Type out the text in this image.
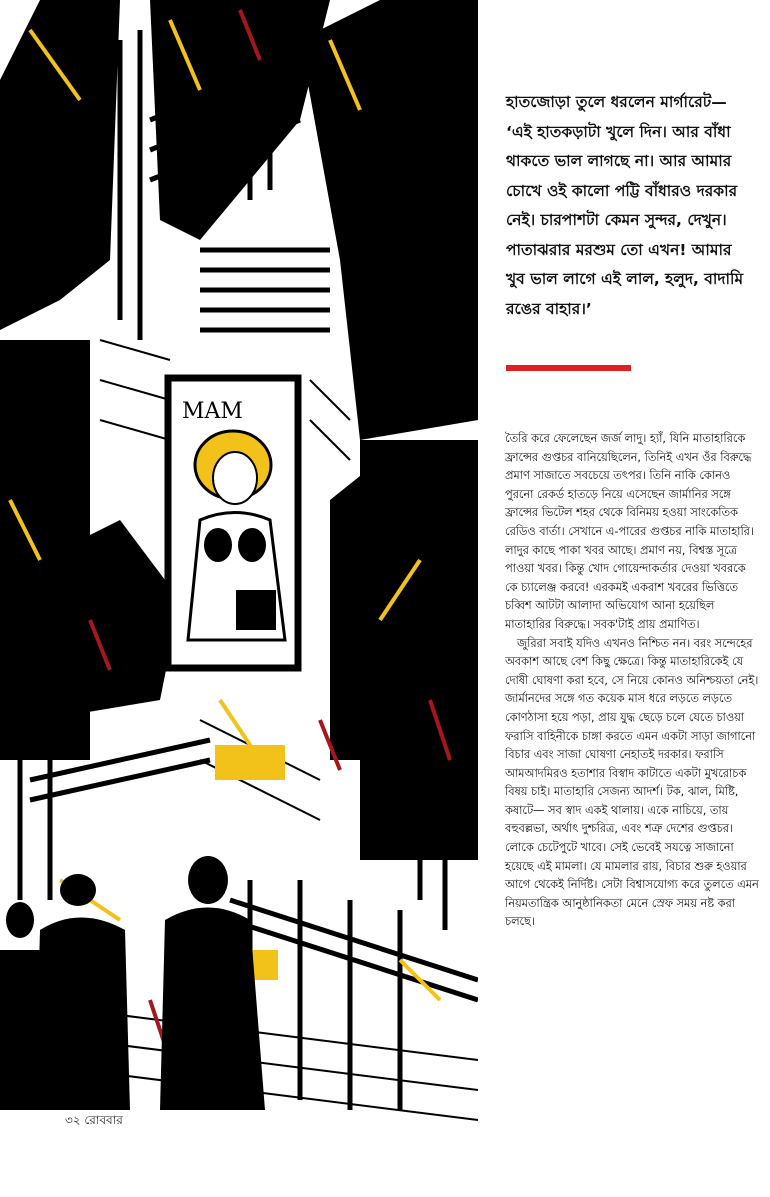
MAM
৩২ রোববার

হাতজোড়া তুলে ধরলেন মার্গারেট— ‘এই হাতকড়াটা খুলে দিন। আর বাঁধা থাকতে ভাল লাগছে না। আর আমার চোখে ওই কালো পট্টি বাঁধারও দরকার নেই। চারপাশটা কেমন সুন্দর, দেখুন। পাতাঝরার মরশুম তো এখন! আমার খুব ভাল লাগে এই লাল, হলুদ, বাদামি রঙের বাহার।’

তৈরি করে ফেলেছেন জর্জ লাদু। হ্যাঁ, যিনি মাতাহারিকে ফ্রান্সের গুপ্তচর বানিয়েছিলেন, তিনিই এখন ওঁর বিরুদ্ধে প্রমাণ সাজাতে সবচেয়ে তৎপর। তিনি নাকি কোনও পুরনো রেকর্ড হাতড়ে নিয়ে এসেছেন জার্মানির সঙ্গে ফ্রান্সের ভিটেল শহর থেকে বিনিময় হওয়া সাংকেতিক রেডিও বার্তা। সেখানে এ-পারের গুপ্তচর নাকি মাতাহারি। লাদুর কাছে পাকা খবর আছে। প্রমাণ নয়, বিশ্বস্ত সূত্রে পাওয়া খবর। কিন্তু খোদ গোয়েন্দাকর্তার দেওয়া খবরকে কে চ্যালেঞ্জ করবে! এরকমই একরাশ খবরের ভিত্তিতে চব্বিশ আটটা আলাদা অভিযোগ আনা হয়েছিল মাতাহারির বিরুদ্ধে। সবক'টাই প্রায় প্রমাণিত।

জুরিরা সবাই যদিও এখনও নিশ্চিত নন। বরং সন্দেহের অবকাশ আছে বেশ কিছু ক্ষেত্রে। কিন্তু মাতাহারিকেই যে দোষী ঘোষণা করা হবে, সে নিয়ে কোনও অনিশ্চয়তা নেই। জার্মানদের সঙ্গে গত কয়েক মাস ধরে লড়তে লড়তে কোণঠাসা হয়ে পড়া, প্রায় যুদ্ধ ছেড়ে চলে যেতে চাওয়া ফরাসি বাহিনীকে চাঙ্গা করতে এমন একটা সাড়া জাগানো বিচার এবং সাজা ঘোষণা নেহাতই দরকার। ফরাসি আমআদমিরও হতাশার বিস্বাদ কাটাতে একটা মুখরোচক বিষয় চাই। মাতাহারি সেজন্য আদর্শ। টক, ঝাল, মিষ্টি, কষাটে— সব স্বাদ একই থালায়। একে নাচিয়ে, তায় বহুবল্লভা, অর্থাৎ দুশ্চরিত্র, এবং শত্রু দেশের গুপ্তচর। লোকে চেটেপুটে খাবে। সেই ভেবেই সযত্নে সাজানো হয়েছে এই মামলা। যে মামলার রায়, বিচার শুরু হওয়ার আগে থেকেই নির্দিষ্ট। সেটা বিশ্বাসযোগ্য করে তুলতে এমন নিয়মতান্ত্রিক আনুষ্ঠানিকতা মেনে স্রেফ সময় নষ্ট করা চলছে।
